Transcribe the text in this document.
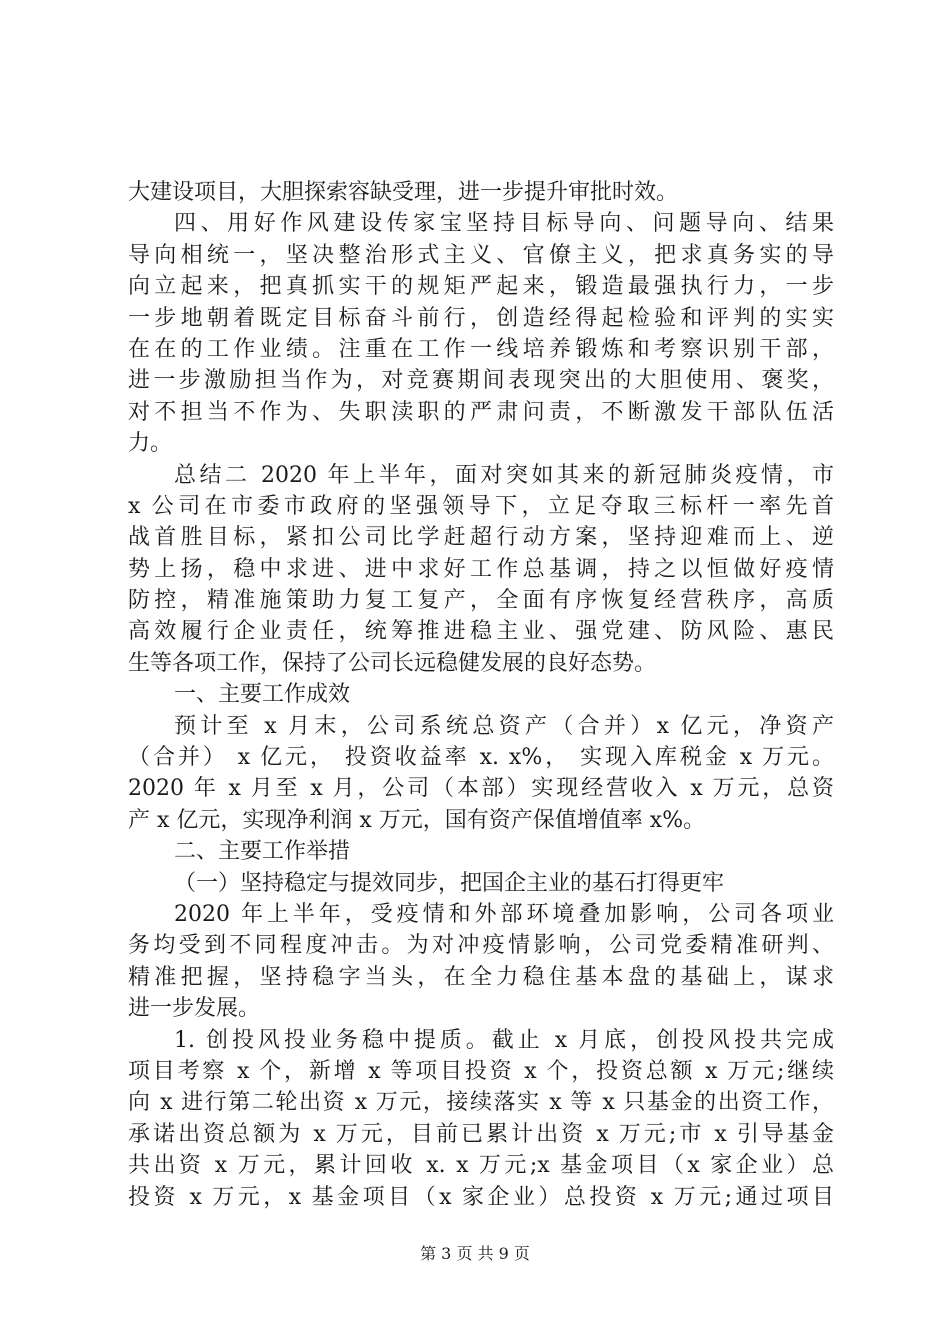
大建设项目，大胆探索容缺受理，进一步提升审批时效。
四、用好作风建设传家宝坚持目标导向、问题导向、结果
导向相统一，坚决整治形式主义、官僚主义，把求真务实的导
向立起来，把真抓实干的规矩严起来，锻造最强执行力，一步
一步地朝着既定目标奋斗前行，创造经得起检验和评判的实实
在在的工作业绩。注重在工作一线培养锻炼和考察识别干部，
进一步激励担当作为，对竞赛期间表现突出的大胆使用、褒奖，
对不担当不作为、失职渎职的严肃问责，不断激发干部队伍活
力。
总结二 2020 年上半年，面对突如其来的新冠肺炎疫情，市
x 公司在市委市政府的坚强领导下，立足夺取三标杆一率先首
战首胜目标，紧扣公司比学赶超行动方案，坚持迎难而上、逆
势上扬，稳中求进、进中求好工作总基调，持之以恒做好疫情
防控，精准施策助力复工复产，全面有序恢复经营秩序，高质
高效履行企业责任，统筹推进稳主业、强党建、防风险、惠民
生等各项工作，保持了公司长远稳健发展的良好态势。
一、主要工作成效
预计至 x 月末，公司系统总资产（合并）x 亿元，净资产
（合并） x 亿元， 投资收益率 x. x%， 实现入库税金 x 万元。
2020 年 x 月至 x 月，公司（本部）实现经营收入 x 万元，总资
产 x 亿元，实现净利润 x 万元，国有资产保值增值率 x%。
二、主要工作举措
（一）坚持稳定与提效同步，把国企主业的基石打得更牢
2020 年上半年，受疫情和外部环境叠加影响，公司各项业
务均受到不同程度冲击。为对冲疫情影响，公司党委精准研判、
精准把握，坚持稳字当头，在全力稳住基本盘的基础上，谋求
进一步发展。
1. 创投风投业务稳中提质。截止 x 月底，创投风投共完成
项目考察 x 个，新增 x 等项目投资 x 个，投资总额 x 万元;继续
向 x 进行第二轮出资 x 万元，接续落实 x 等 x 只基金的出资工作，
承诺出资总额为 x 万元，目前已累计出资 x 万元;市 x 引导基金
共出资 x 万元，累计回收 x. x 万元;x 基金项目（x 家企业）总
投资 x 万元，x 基金项目（x 家企业）总投资 x 万元;通过项目
第 3 页 共 9 页
